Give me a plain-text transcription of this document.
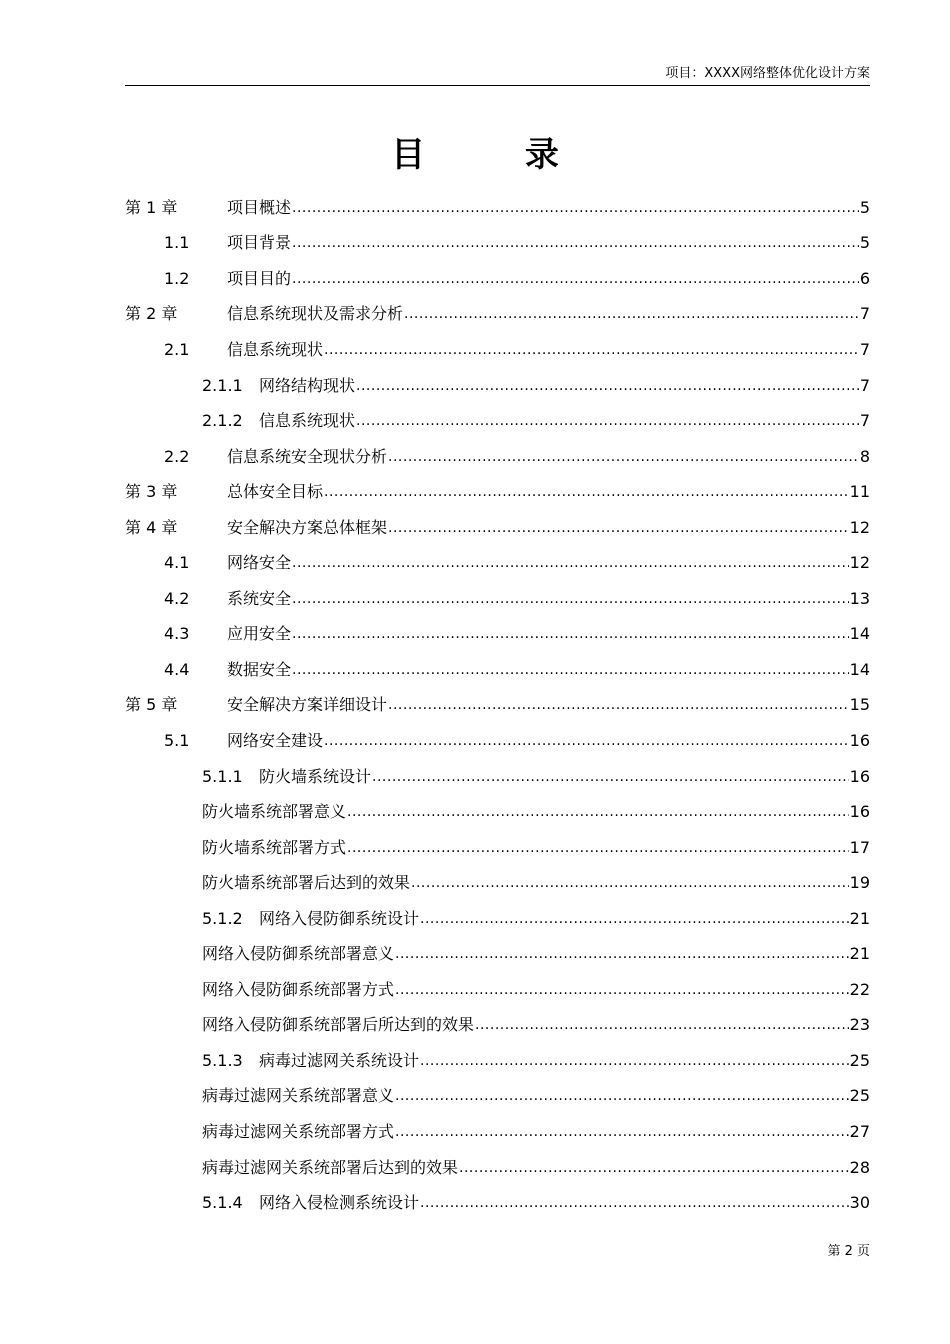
项目：XXXX网络整体优化设计方案
目 录
第 1 章	项目概述 .....	5
1.1	项目背景 .....	5
1.2	项目目的 .....	6
第 2 章	信息系统现状及需求分析 .....	7
2.1	信息系统现状 .....	7
2.1.1	网络结构现状 .....	7
2.1.2	信息系统现状 .....	7
2.2	信息系统安全现状分析 .....	8
第 3 章	总体安全目标 .....	11
第 4 章	安全解决方案总体框架 .....	12
4.1	网络安全 .....	12
4.2	系统安全 .....	13
4.3	应用安全 .....	14
4.4	数据安全 .....	14
第 5 章	安全解决方案详细设计 .....	15
5.1	网络安全建设 .....	16
5.1.1	防火墙系统设计 .....	16
防火墙系统部署意义 .....	16
防火墙系统部署方式 .....	17
防火墙系统部署后达到的效果 .....	19
5.1.2	网络入侵防御系统设计 .....	21
网络入侵防御系统部署意义 .....	21
网络入侵防御系统部署方式 .....	22
网络入侵防御系统部署后所达到的效果 .....	23
5.1.3	病毒过滤网关系统设计 .....	25
病毒过滤网关系统部署意义 .....	25
病毒过滤网关系统部署方式 .....	27
病毒过滤网关系统部署后达到的效果 .....	28
5.1.4	网络入侵检测系统设计 .....	30
第 2 页
